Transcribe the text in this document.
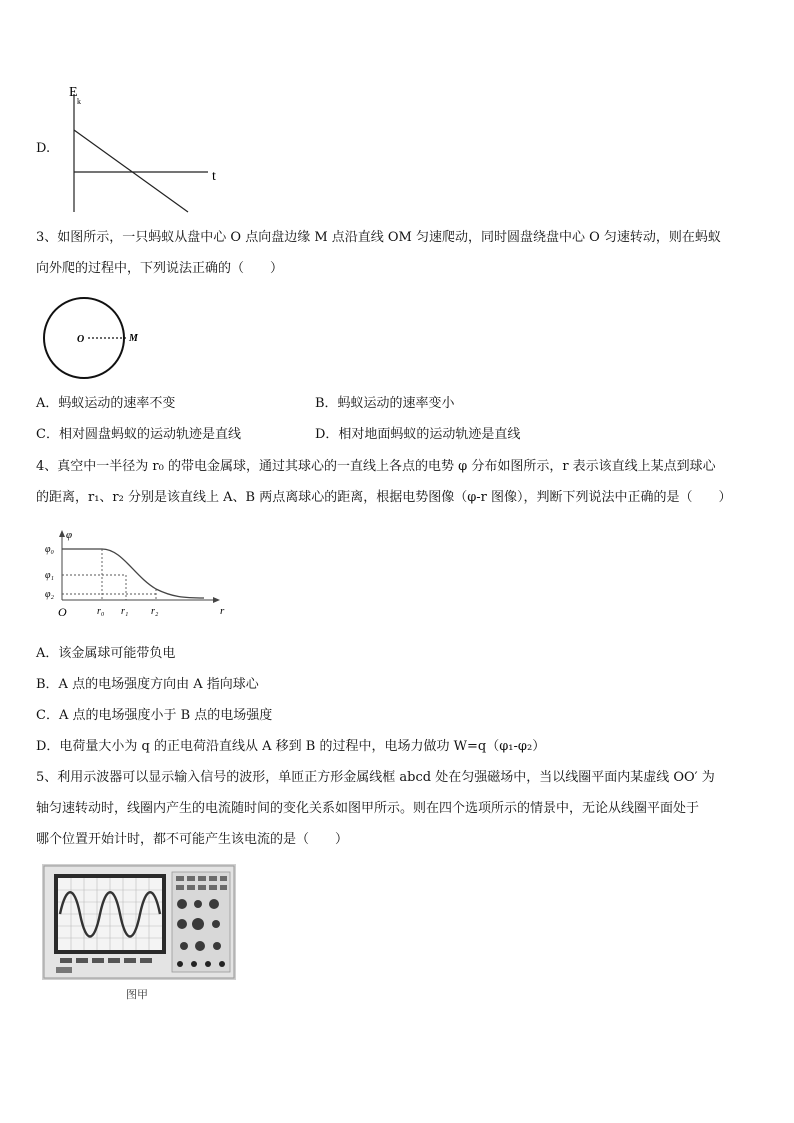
D.
E
k
t
3、如图所示，一只蚂蚁从盘中心 O 点向盘边缘 M 点沿直线 OM 匀速爬动，同时圆盘绕盘中心 O 匀速转动，则在蚂蚁
向外爬的过程中，下列说法正确的（　　）
O	M
A．蚂蚁运动的速率不变	B．蚂蚁运动的速率变小
C．相对圆盘蚂蚁的运动轨迹是直线	D．相对地面蚂蚁的运动轨迹是直线
4、真空中一半径为 r₀ 的带电金属球，通过其球心的一直线上各点的电势 φ 分布如图所示，r 表示该直线上某点到球心
的距离，r₁、r₂ 分别是该直线上 A、B 两点离球心的距离，根据电势图像（φ-r 图像），判断下列说法中正确的是（　　）
φ
r
O
φ₀
φ₁
φ₂
r₀ r₁ r₂
A．该金属球可能带负电
B．A 点的电场强度方向由 A 指向球心
C．A 点的电场强度小于 B 点的电场强度
D．电荷量大小为 q 的正电荷沿直线从 A 移到 B 的过程中，电场力做功 W=q（φ₁-φ₂）
5、利用示波器可以显示输入信号的波形，单匝正方形金属线框 abcd 处在匀强磁场中，当以线圈平面内某虚线 OO′ 为
轴匀速转动时，线圈内产生的电流随时间的变化关系如图甲所示。则在四个选项所示的情景中，无论从线圈平面处于
哪个位置开始计时，都不可能产生该电流的是（　　）
图甲
